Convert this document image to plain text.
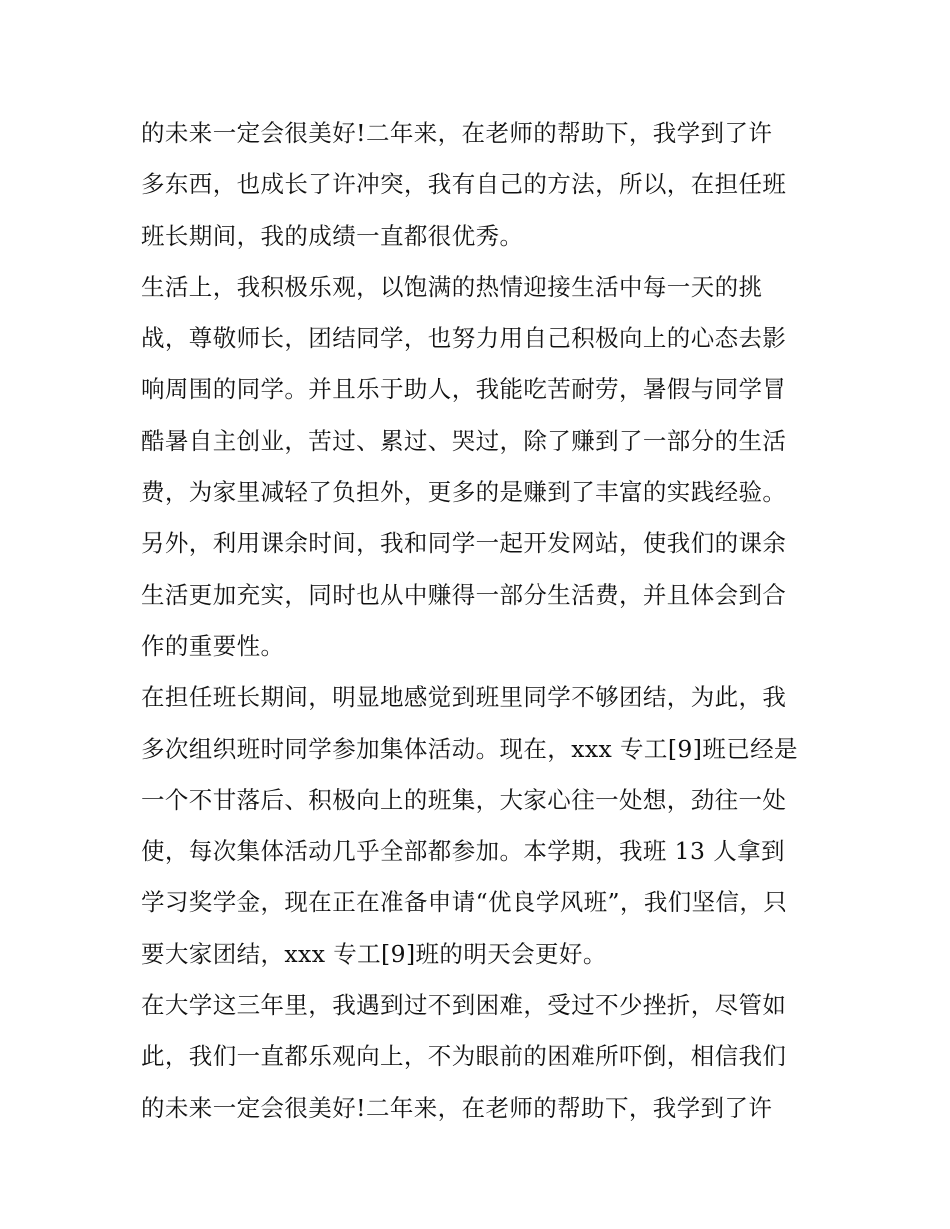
的未来一定会很美好!二年来，在老师的帮助下，我学到了许
多东西，也成长了许冲突，我有自己的方法，所以，在担任班
班长期间，我的成绩一直都很优秀。
生活上，我积极乐观，以饱满的热情迎接生活中每一天的挑
战，尊敬师长，团结同学，也努力用自己积极向上的心态去影
响周围的同学。并且乐于助人，我能吃苦耐劳，暑假与同学冒
酷暑自主创业，苦过、累过、哭过，除了赚到了一部分的生活
费，为家里减轻了负担外，更多的是赚到了丰富的实践经验。
另外，利用课余时间，我和同学一起开发网站，使我们的课余
生活更加充实，同时也从中赚得一部分生活费，并且体会到合
作的重要性。
在担任班长期间，明显地感觉到班里同学不够团结，为此，我
多次组织班时同学参加集体活动。现在，xxx 专工[9]班已经是
一个不甘落后、积极向上的班集，大家心往一处想，劲往一处
使，每次集体活动几乎全部都参加。本学期，我班 13 人拿到
学习奖学金，现在正在准备申请“优良学风班”，我们坚信，只
要大家团结，xxx 专工[9]班的明天会更好。
在大学这三年里，我遇到过不到困难，受过不少挫折，尽管如
此，我们一直都乐观向上，不为眼前的困难所吓倒，相信我们
的未来一定会很美好!二年来，在老师的帮助下，我学到了许
